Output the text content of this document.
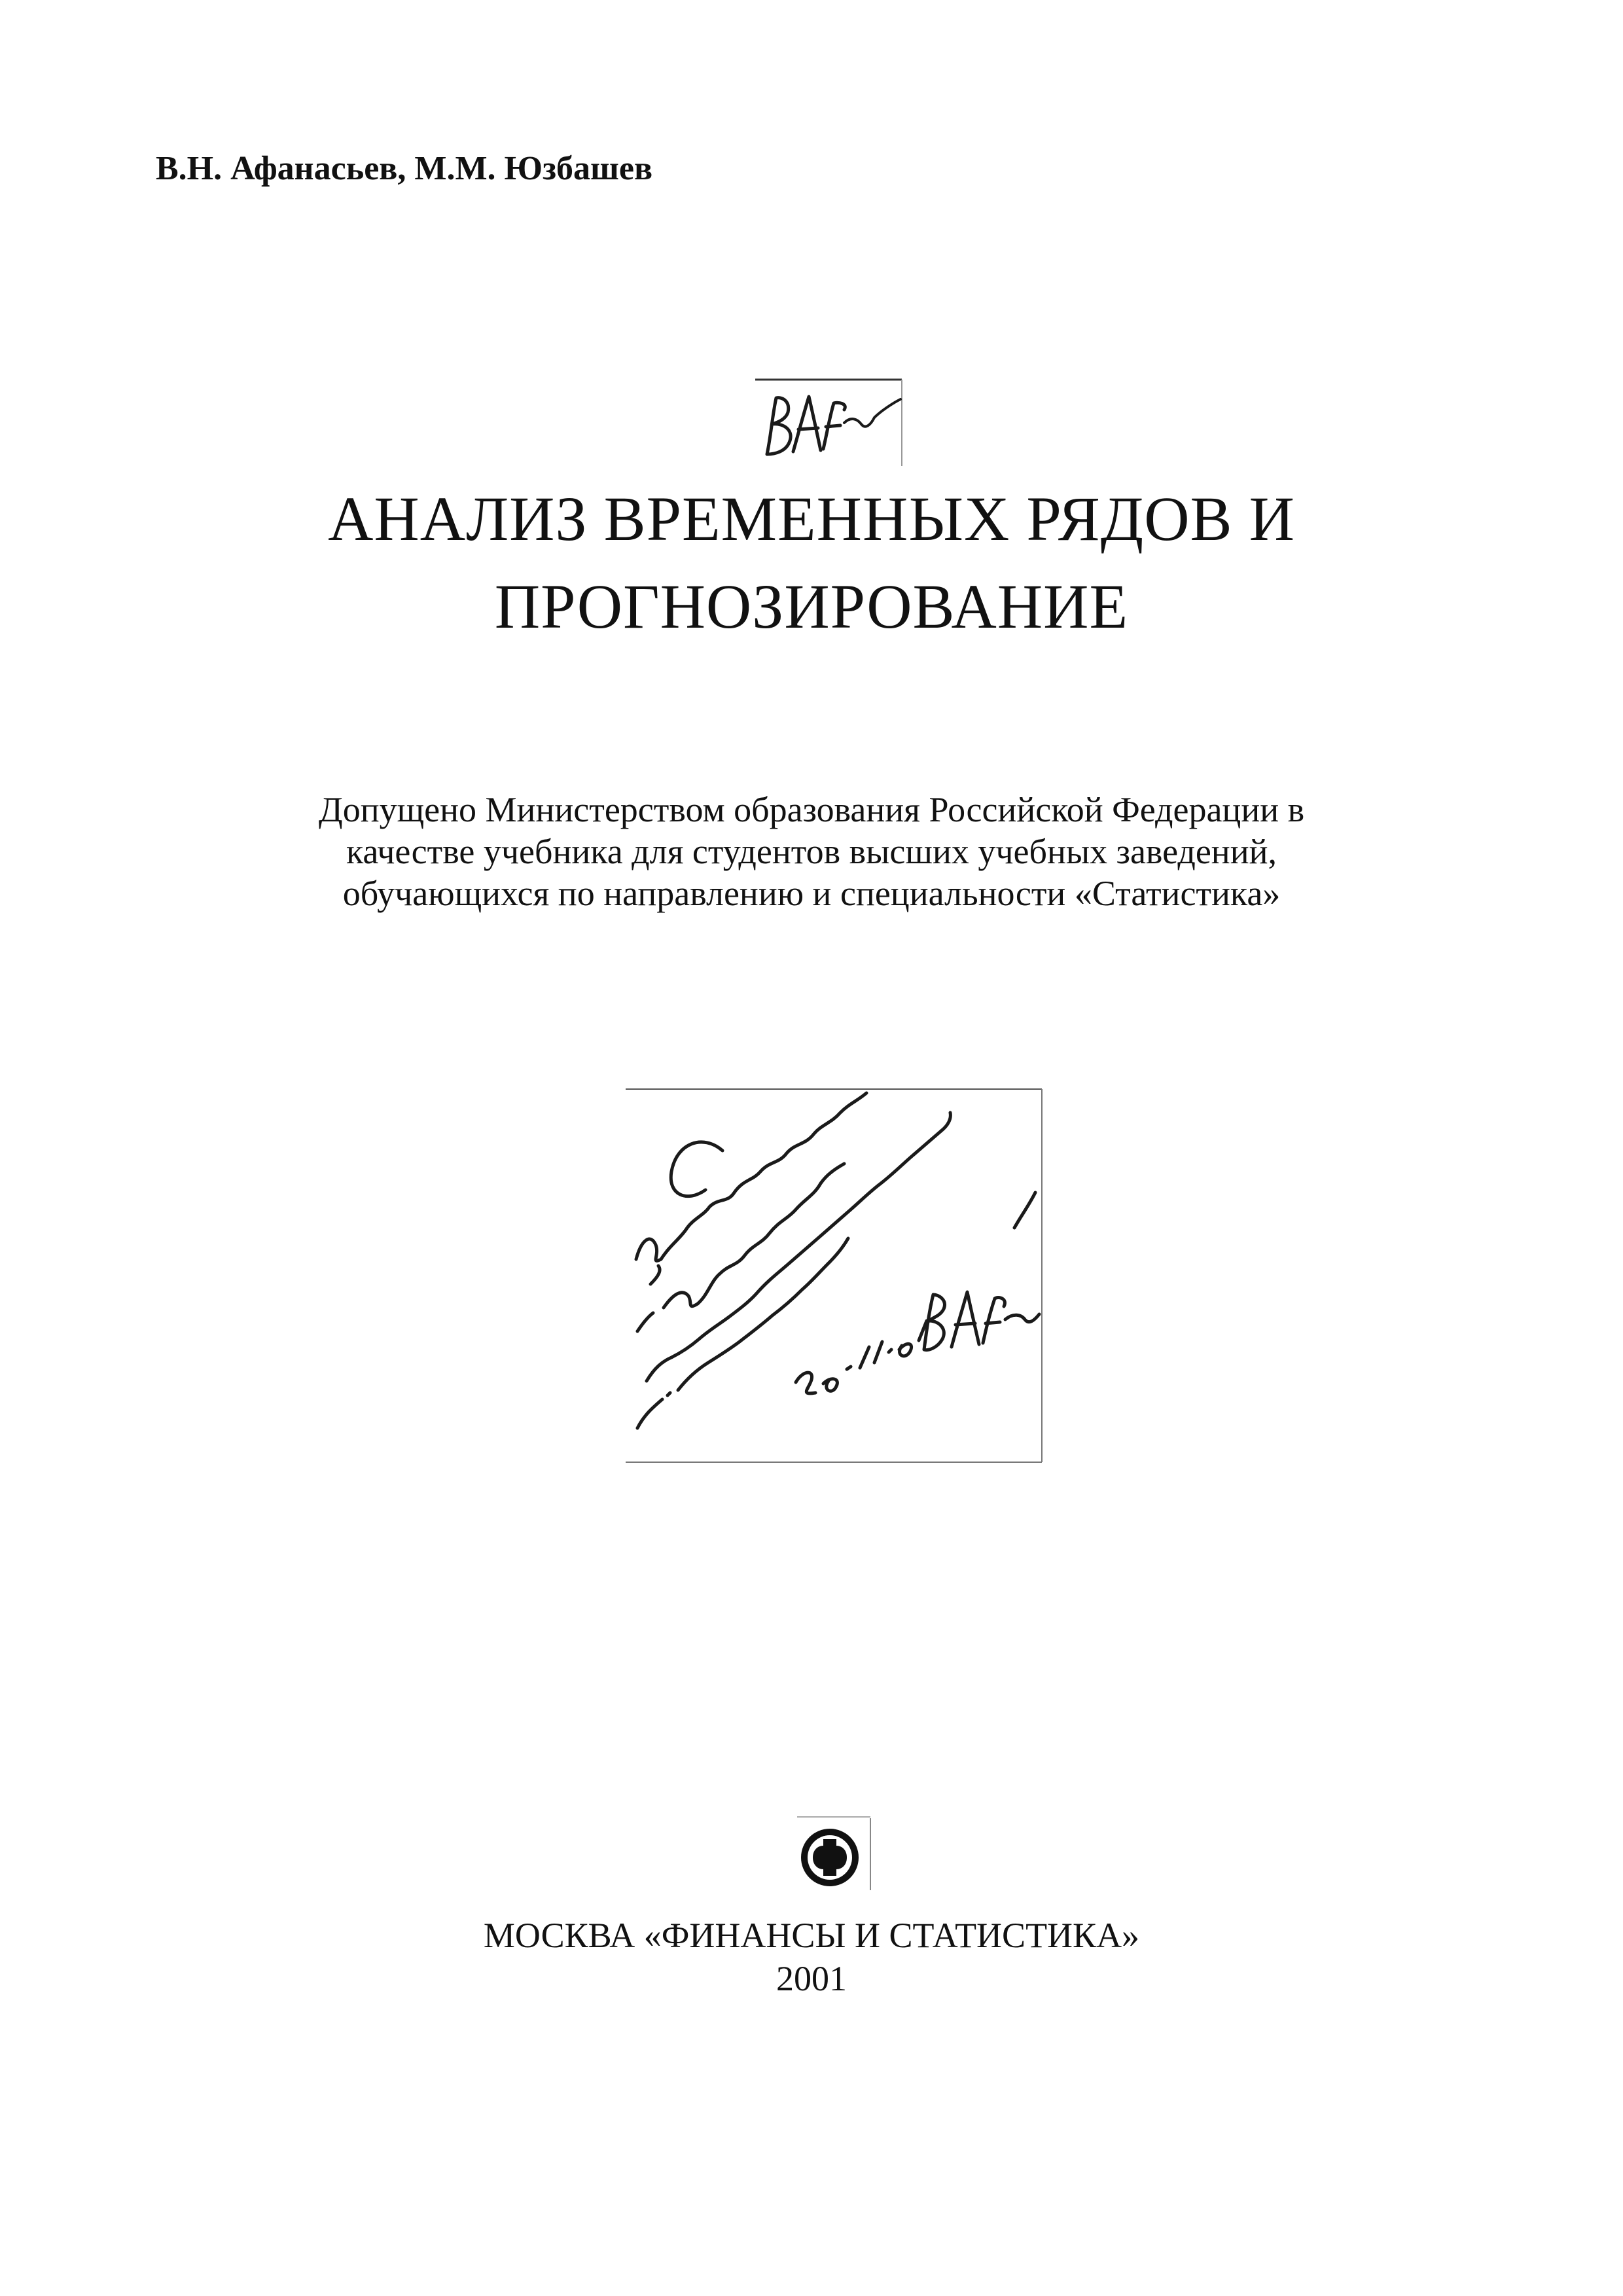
В.Н. Афанасьев, М.М. Юзбашев
АНАЛИЗ ВРЕМЕННЫХ РЯДОВ И
ПРОГНОЗИРОВАНИЕ
Допущено Министерством образования Российской Федерации в
качестве учебника для студентов высших учебных заведений,
обучающихся по направлению и специальности «Статистика»
МОСКВА «ФИНАНСЫ И СТАТИСТИКА»
2001
